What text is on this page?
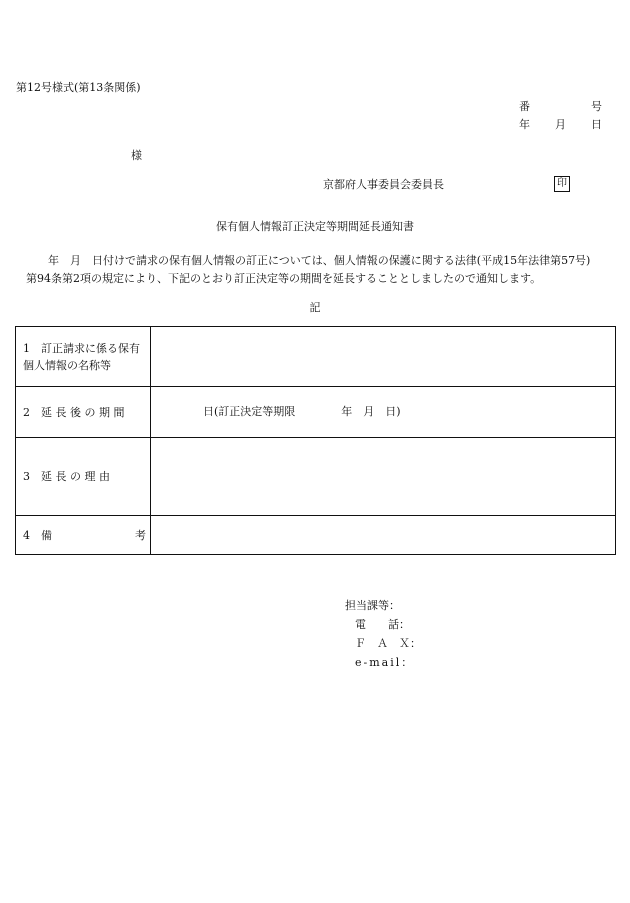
第12号様式(第13条関係)
番　　　　号
年　　月　　日
様
京都府人事委員会委員長	印
保有個人情報訂正決定等期間延長通知書
年　月　日付けで請求の保有個人情報の訂正については、個人情報の保護に関する法律(平成15年法律第57号)第94条第2項の規定により、下記のとおり訂正決定等の期間を延長することとしましたので通知します。
記
1　訂正請求に係る保有個人情報の名称等	
2　延 長 後 の 期 間	日(訂正決定等期限 年　月　日)
3　延 長 の 理 由	

4　備 考	

担当課等：
電　　話：
Ｆ　Ａ　Ｘ：
e-mail：
